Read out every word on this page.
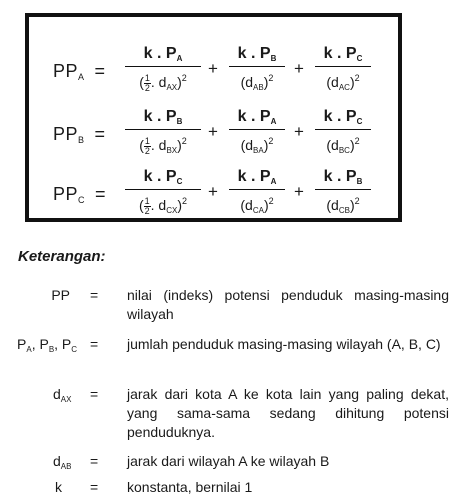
$PP_A$ =
k . $P_A$
($\frac{1}{2}$. $d_{AX})^2$	+
k . $P_B$
$(d_{AB})^2$	+
k . $P_C$
$(d_{AC})^2$
$PP_B$ =
k . $P_B$
($\frac{1}{2}$. $d_{BX})^2$	+
k . $P_A$
$(d_{BA})^2$	+
k . $P_C$
$(d_{BC})^2$
$PP_C$ =
k . $P_C$
($\frac{1}{2}$. $d_{CX})^2$	+
k . $P_A$
$(d_{CA})^2$	+
k . $P_B$
$(d_{CB})^2$
Keterangan:
PP = nilai (indeks) potensi penduduk masing-masing wilayah
$P_A$, $P_B$, $P_C$ = jumlah penduduk masing-masing wilayah (A, B, C)
$d_{AX}$ = jarak dari kota A ke kota lain yang paling dekat, yang sama-sama sedang dihitung potensi penduduknya.
$d_{AB}$ = jarak dari wilayah A ke wilayah B
k = konstanta, bernilai 1
